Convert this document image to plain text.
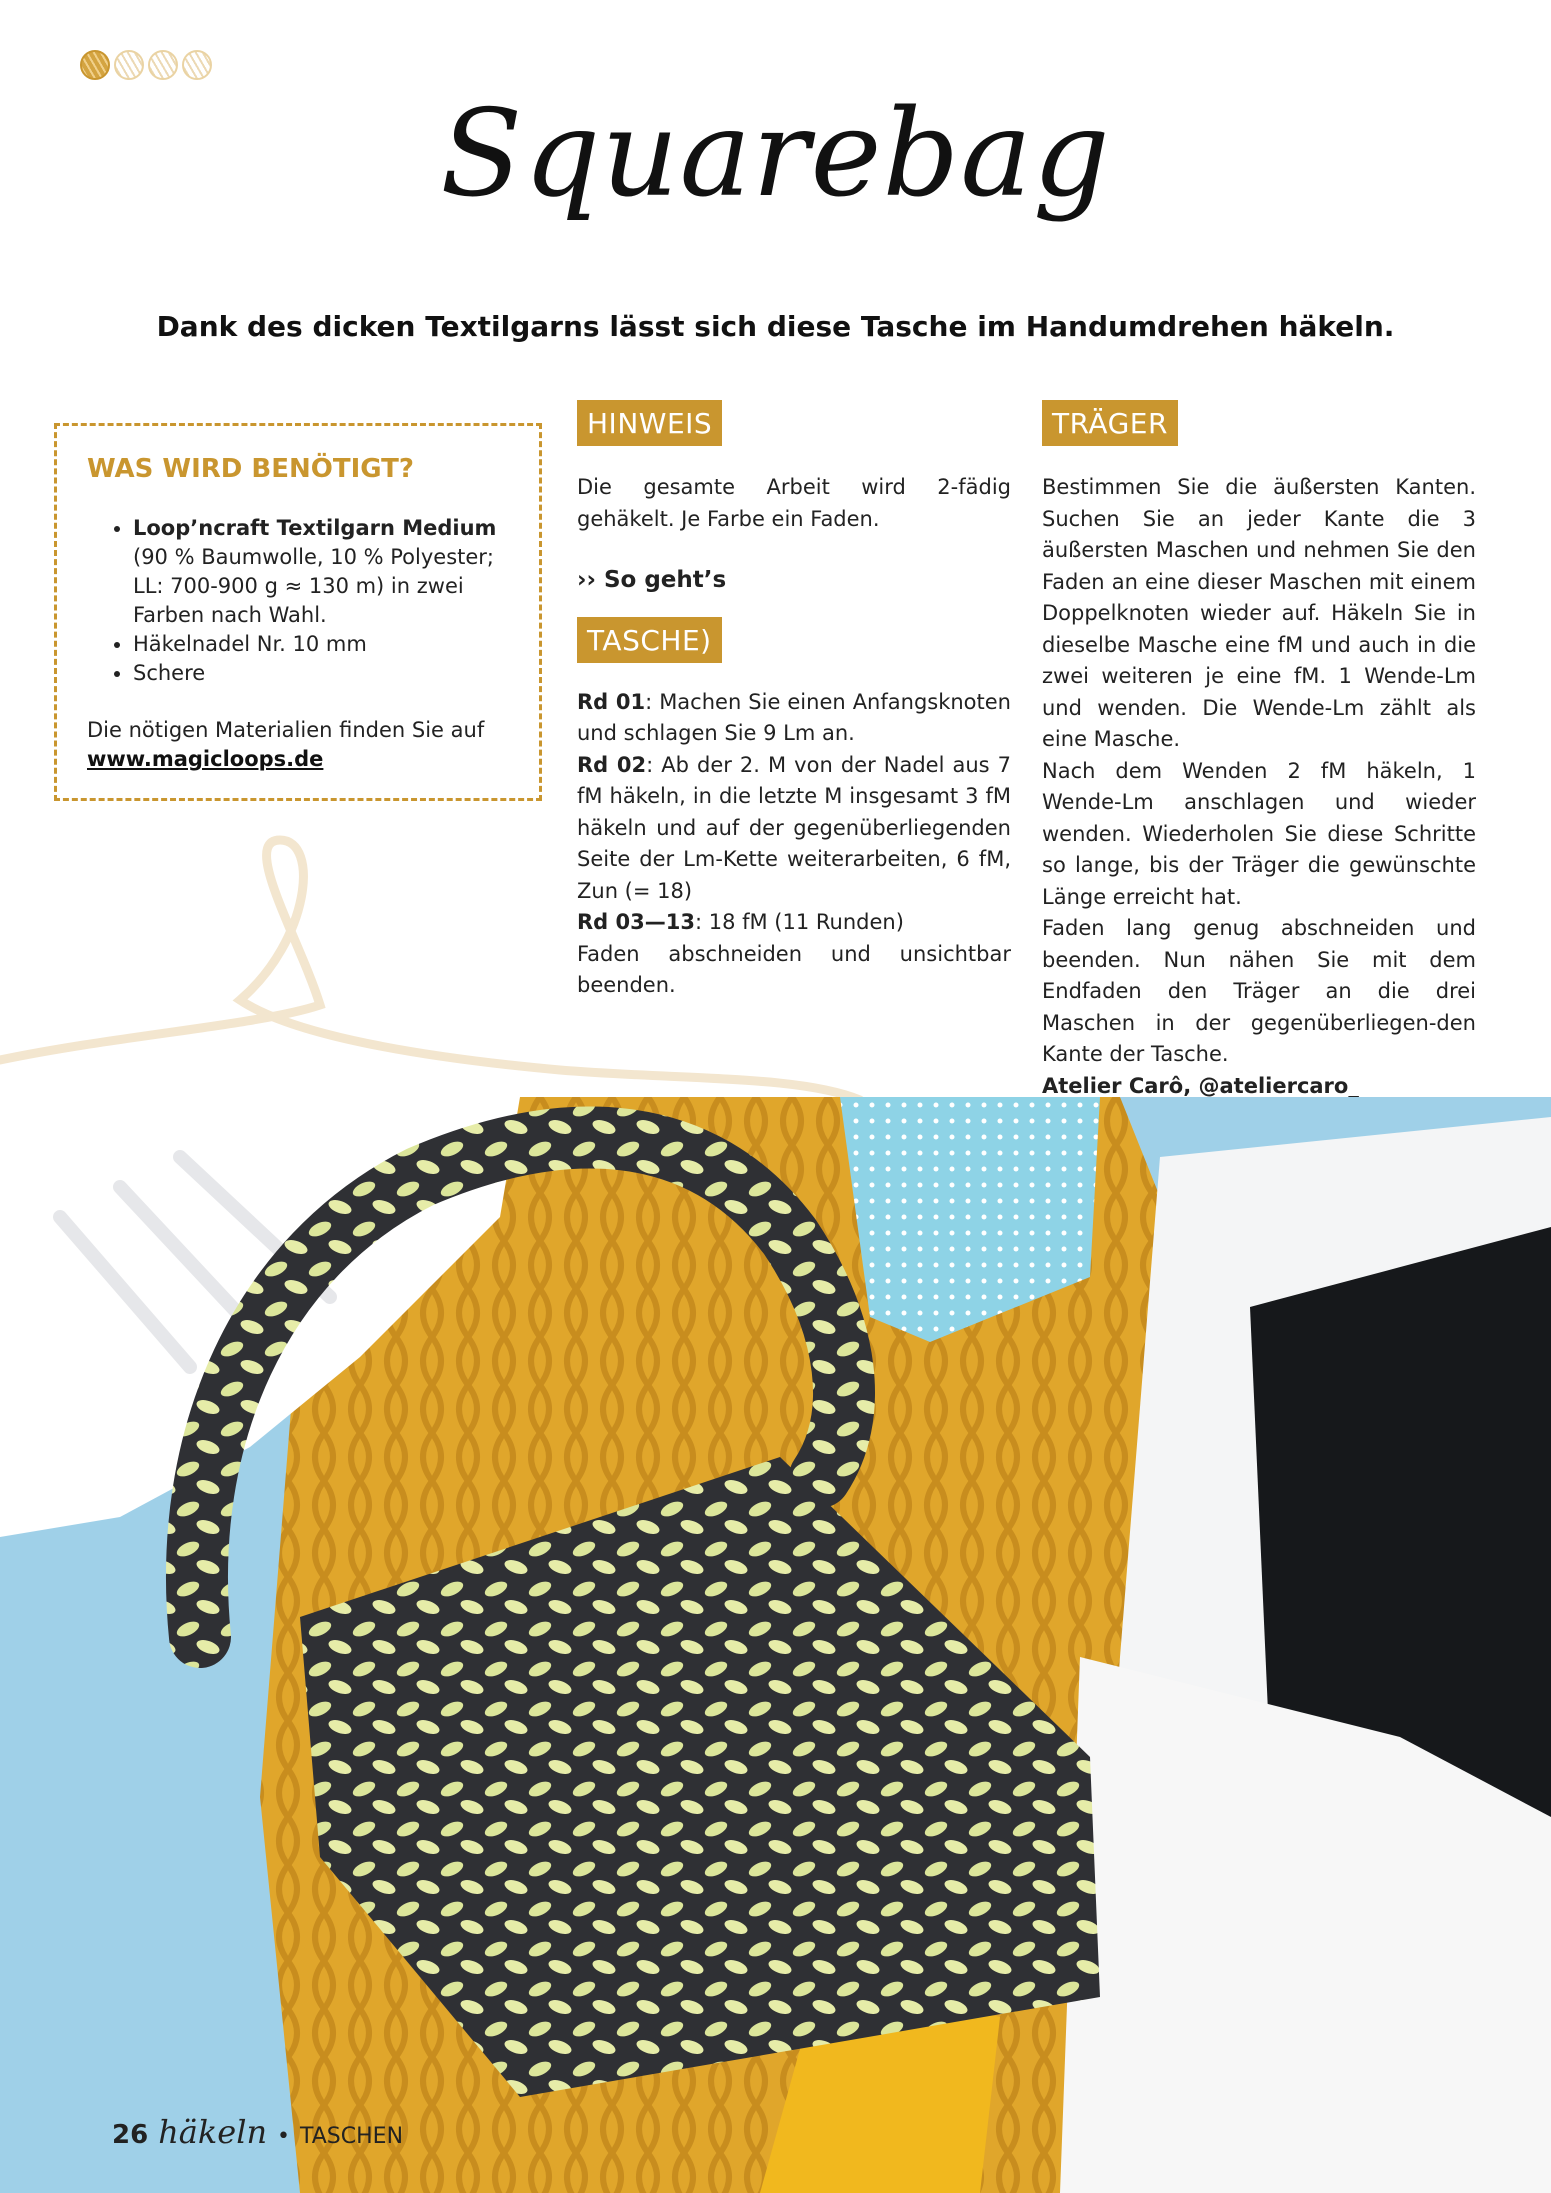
Squarebag
Dank des dicken Textilgarns lässt sich diese Tasche im Handumdrehen häkeln.
WAS WIRD BENÖTIGT?
• Loop’ncraft Textilgarn Medium
(90 % Baumwolle, 10 % Polyester; LL: 700-900 g ≈ 130 m) in zwei Farben nach Wahl.
• Häkelnadel Nr. 10 mm
• Schere
Die nötigen Materialien finden Sie auf
www.magicloops.de
HINWEIS

Die gesamte Arbeit wird 2-fädig gehäkelt. Je Farbe ein Faden.

›› So geht’s
TASCHE)

Rd 01: Machen Sie einen Anfangsknoten und schlagen Sie 9 Lm an.

Rd 02: Ab der 2. M von der Nadel aus 7 fM häkeln, in die letzte M insgesamt 3 fM häkeln und auf der gegenüberliegenden Seite der Lm-Kette weiterarbeiten, 6 fM, Zun (= 18)

Rd 03—13: 18 fM (11 Runden)

Faden abschneiden und unsichtbar beenden.

TRÄGER

Bestimmen Sie die äußersten Kanten. Suchen Sie an jeder Kante die 3 äußersten Maschen und nehmen Sie den Faden an eine dieser Maschen mit einem Doppelknoten wieder auf. Häkeln Sie in dieselbe Masche eine fM und auch in die zwei weiteren je eine fM. 1 Wende-Lm und wenden. Die Wende-Lm zählt als eine Masche.

Nach dem Wenden 2 fM häkeln, 1 Wende-Lm anschlagen und wieder wenden. Wiederholen Sie diese Schritte so lange, bis der Träger die gewünschte Länge erreicht hat.

Faden lang genug abschneiden und beenden. Nun nähen Sie mit dem Endfaden den Träger an die drei Maschen in der gegenüberliegen-den Kante der Tasche.

Atelier Carô, @ateliercaro_

26 häkeln • TASCHEN
